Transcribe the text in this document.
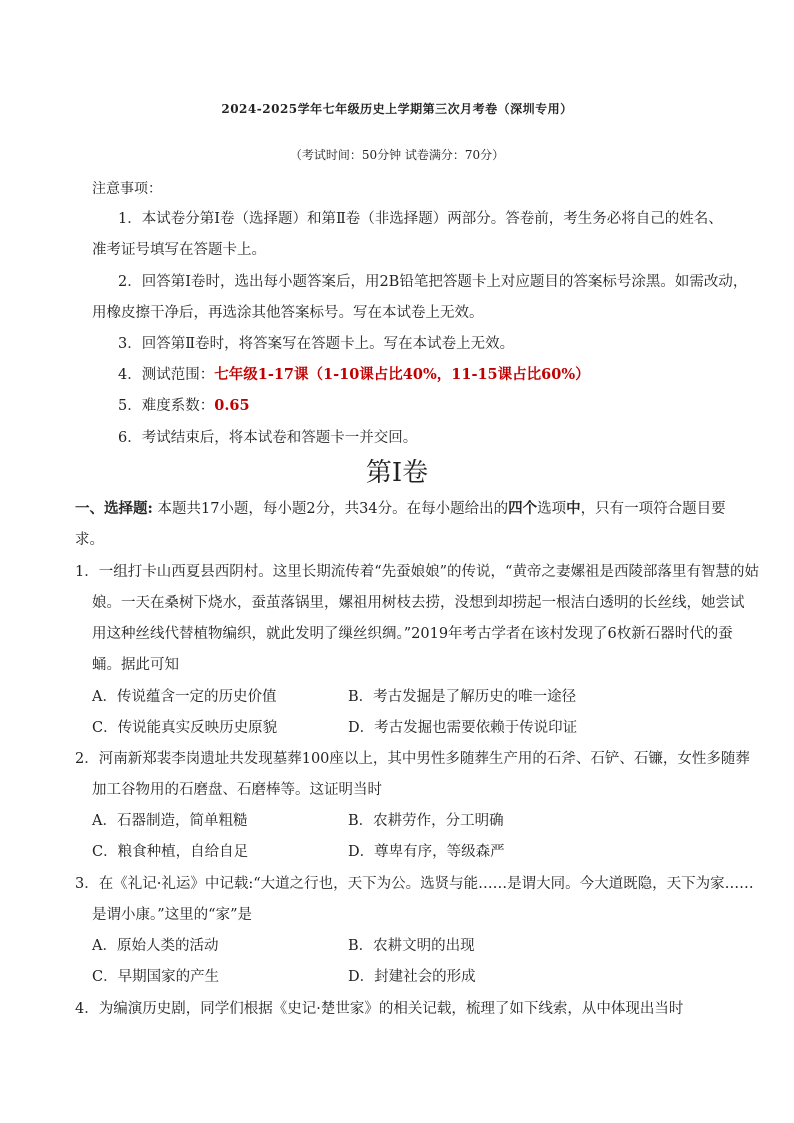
2024-2025学年七年级历史上学期第三次月考卷（深圳专用）
（考试时间：50分钟 试卷满分：70分）
注意事项：
1．本试卷分第Ⅰ卷（选择题）和第Ⅱ卷（非选择题）两部分。答卷前，考生务必将自己的姓名、
准考证号填写在答题卡上。
2．回答第Ⅰ卷时，选出每小题答案后，用2B铅笔把答题卡上对应题目的答案标号涂黑。如需改动，
用橡皮擦干净后，再选涂其他答案标号。写在本试卷上无效。
3．回答第Ⅱ卷时，将答案写在答题卡上。写在本试卷上无效。
4．测试范围：七年级1-17课（1-10课占比40%，11-15课占比60%）
5．难度系数：0.65
6．考试结束后，将本试卷和答题卡一并交回。
第Ⅰ卷
一、选择题: 本题共17小题，每小题2分，共34分。在每小题给出的四个选项中，只有一项符合题目要
求。
1．一组打卡山西夏县西阴村。这里长期流传着“先蚕娘娘”的传说，“黄帝之妻嫘祖是西陵部落里有智慧的姑
娘。一天在桑树下烧水，蚕茧落锅里，嫘祖用树枝去捞，没想到却捞起一根洁白透明的长丝线，她尝试
用这种丝线代替植物编织，就此发明了缫丝织绸。”2019年考古学者在该村发现了6枚新石器时代的蚕
蛹。据此可知
A．传说蕴含一定的历史价值	B．考古发掘是了解历史的唯一途径
C．传说能真实反映历史原貌	D．考古发掘也需要依赖于传说印证
2．河南新郑裴李岗遗址共发现墓葬100座以上，其中男性多随葬生产用的石斧、石铲、石镰，女性多随葬
加工谷物用的石磨盘、石磨棒等。这证明当时
A．石器制造，简单粗糙	B．农耕劳作，分工明确
C．粮食种植，自给自足	D．尊卑有序，等级森严
3．在《礼记·礼运》中记载:“大道之行也，天下为公。选贤与能……是谓大同。今大道既隐，天下为家……
是谓小康。”这里的“家”是
A．原始人类的活动	B．农耕文明的出现
C．早期国家的产生	D．封建社会的形成
4．为编演历史剧，同学们根据《史记·楚世家》的相关记载，梳理了如下线索，从中体现出当时
